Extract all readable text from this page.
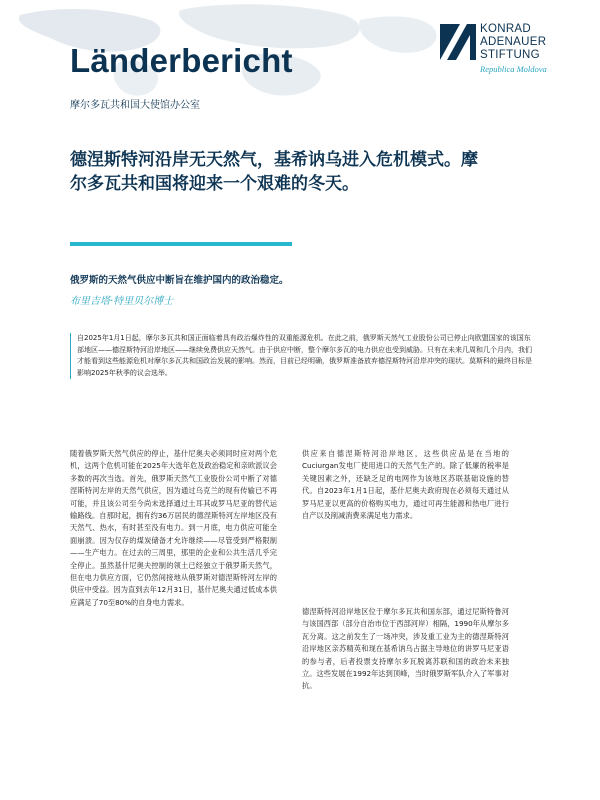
Länderbericht
摩尔多瓦共和国大使馆办公室
KONRAD
ADENAUER
STIFTUNG
Republica Moldova
德涅斯特河沿岸无天然气，基希讷乌进入危机模式。摩尔多瓦共和国将迎来一个艰难的冬天。
俄罗斯的天然气供应中断旨在维护国内的政治稳定。
布里吉塔·特里贝尔博士
自2025年1月1日起，摩尔多瓦共和国正面临着具有政治爆炸性的双重能源危机。在此之前，俄罗斯天然气工业股份公司已停止向欧盟国家的该国东部地区——德涅斯特河沿岸地区——继续免费供应天然气。由于供应中断，整个摩尔多瓦的电力供应也受到威胁。只有在未来几周和几个月内，我们才能看到这些能源危机对摩尔多瓦共和国政治发展的影响。然而，目前已经明确，俄罗斯准备放弃德涅斯特河沿岸冲突的现状。莫斯科的最终目标是影响2025年秋季的议会选举。
随着俄罗斯天然气供应的停止，基什尼奥夫必须同时应对两个危机，这两个危机可能在2025年大选年危及政治稳定和亲欧派议会多数的再次当选。首先，俄罗斯天然气工业股份公司中断了对德涅斯特河左岸的天然气供应，因为通过乌克兰的现有传输已不再可能，并且该公司至今尚未选择通过土耳其或罗马尼亚的替代运输路线。自那时起，拥有约36万居民的德涅斯特河左岸地区没有天然气、热水，有时甚至没有电力。到一月底，电力供应可能全面崩溃。因为仅存的煤炭储备才允许继续——尽管受到严格限制——生产电力。在过去的三周里，那里的企业和公共生活几乎完全停止。虽然基什尼奥夫控制的领土已经独立于俄罗斯天然气，但在电力供应方面，它仍然间接地从俄罗斯对德涅斯特河左岸的供应中受益。因为直到去年12月31日，基什尼奥夫通过低成本供应满足了70至80%的自身电力需求。
供应来自德涅斯特河沿岸地区，这些供应品是在当地的Cuciurgan发电厂使用进口的天然气生产的。除了低廉的税率是关键因素之外，还缺乏足的电网作为该地区苏联基础设施的替代。自2023年1月1日起，基什尼奥夫政府现在必须每天通过从罗马尼亚以更高的价格购买电力，通过可再生能源和热电厂进行自产以及削减消费来满足电力需求。
德涅斯特河沿岸地区位于摩尔多瓦共和国东部，通过尼斯特鲁河与该国西部（部分自治市位于西部河岸）相隔，1990年从摩尔多瓦分离。这之前发生了一场冲突，涉及重工业为主的德涅斯特河沿岸地区亲苏精英和现在基希讷乌占据主导地位的讲罗马尼亚语的参与者，后者投票支持摩尔多瓦脱离苏联和国的政治未来独立。这些发展在1992年达到顶峰，当时俄罗斯军队介入了军事对抗。
